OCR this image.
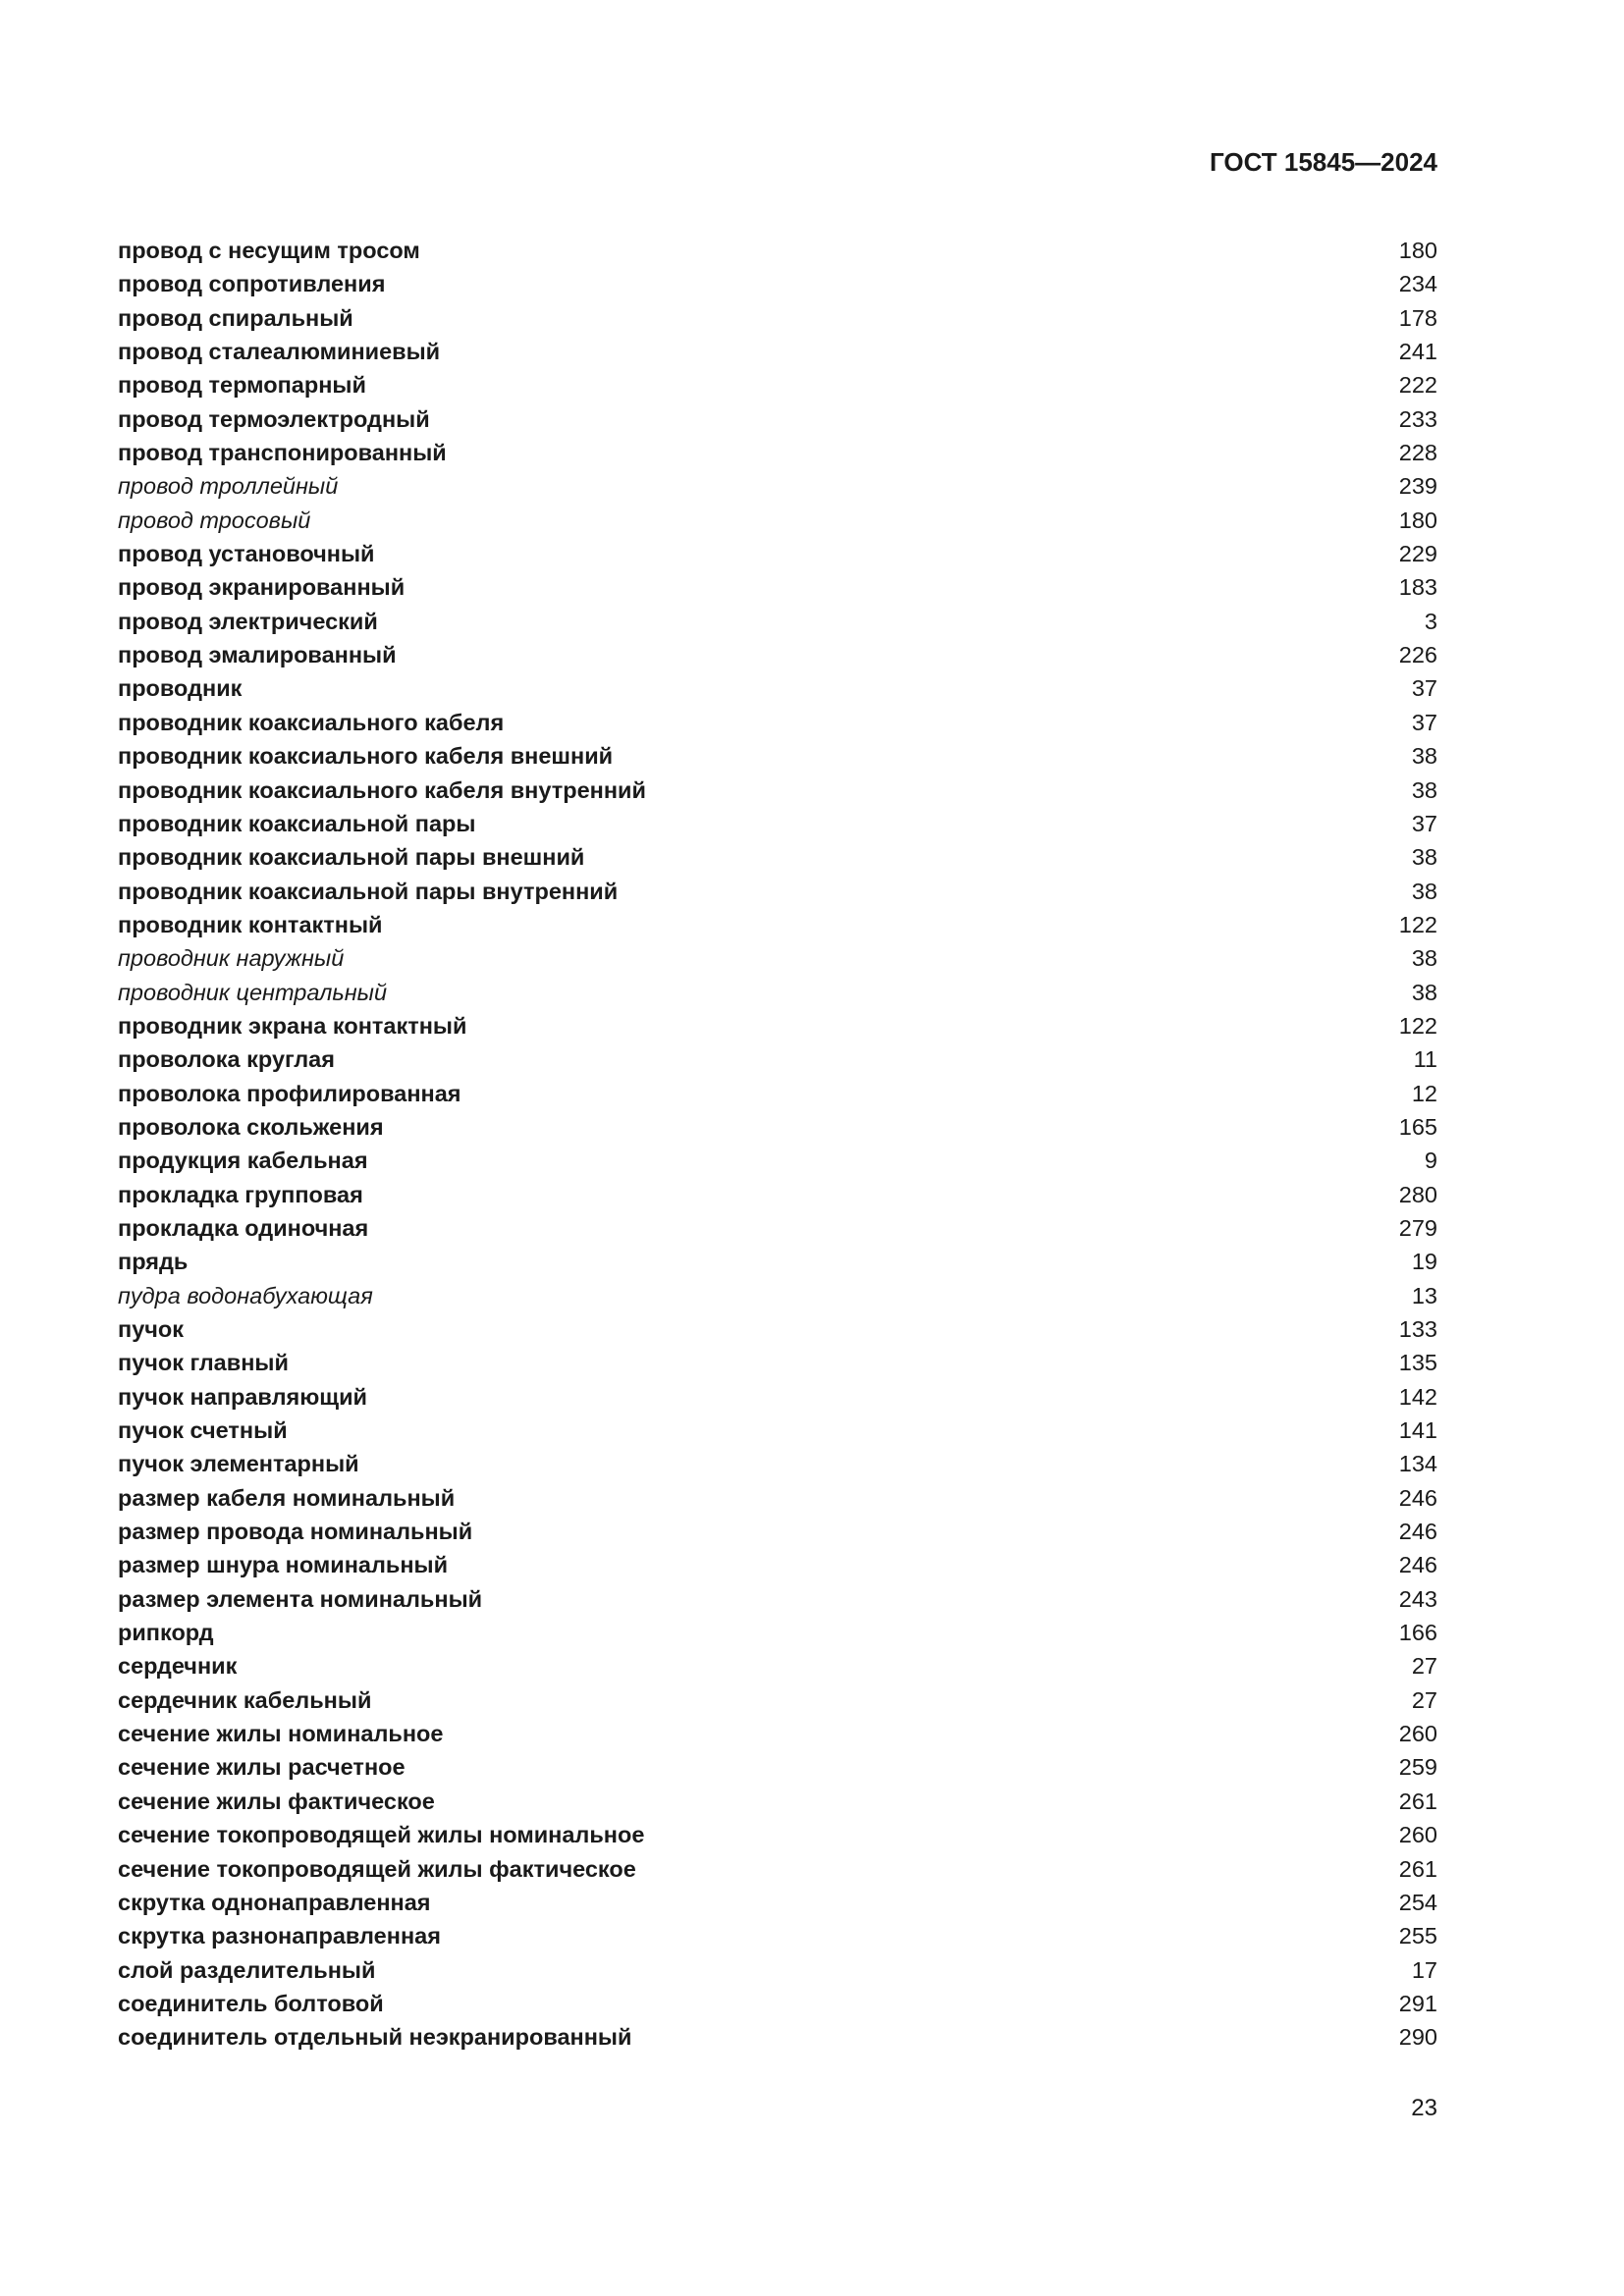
ГОСТ 15845—2024
провод с несущим тросом	180
провод сопротивления	234
провод спиральный	178
провод сталеалюминиевый	241
провод термопарный	222
провод термоэлектродный	233
провод транспонированный	228
провод троллейный	239
провод тросовый	180
провод установочный	229
провод экранированный	183
провод электрический	3
провод эмалированный	226
проводник	37
проводник коаксиального кабеля	37
проводник коаксиального кабеля внешний	38
проводник коаксиального кабеля внутренний	38
проводник коаксиальной пары	37
проводник коаксиальной пары внешний	38
проводник коаксиальной пары внутренний	38
проводник контактный	122
проводник наружный	38
проводник центральный	38
проводник экрана контактный	122
проволока круглая	11
проволока профилированная	12
проволока скольжения	165
продукция кабельная	9
прокладка групповая	280
прокладка одиночная	279
прядь	19
пудра водонабухающая	13
пучок	133
пучок главный	135
пучок направляющий	142
пучок счетный	141
пучок элементарный	134
размер кабеля номинальный	246
размер провода номинальный	246
размер шнура номинальный	246
размер элемента номинальный	243
рипкорд	166
сердечник	27
сердечник кабельный	27
сечение жилы номинальное	260
сечение жилы расчетное	259
сечение жилы фактическое	261
сечение токопроводящей жилы номинальное	260
сечение токопроводящей жилы фактическое	261
скрутка однонаправленная	254
скрутка разнонаправленная	255
слой разделительный	17
соединитель болтовой	291
соединитель отдельный неэкранированный	290
23
